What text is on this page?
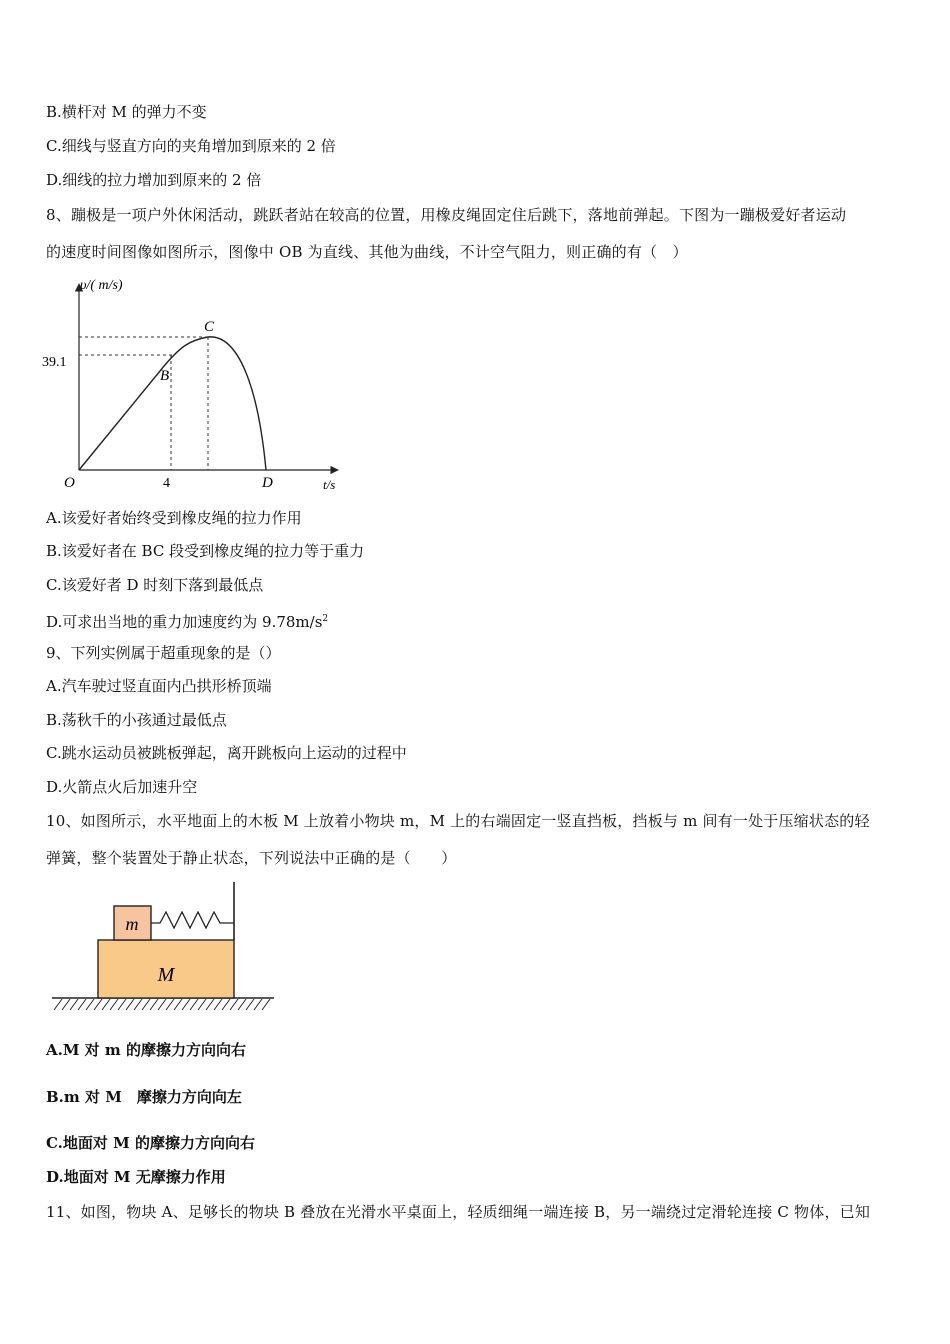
B.横杆对 M 的弹力不变
C.细线与竖直方向的夹角增加到原来的 2 倍
D.细线的拉力增加到原来的 2 倍
8、蹦极是一项户外休闲活动，跳跃者站在较高的位置，用橡皮绳固定住后跳下，落地前弹起。下图为一蹦极爱好者运动
的速度时间图像如图所示，图像中 OB 为直线、其他为曲线，不计空气阻力，则正确的有（　）
υ/( m/s)
39.1
4	t/s
O
B
C
D
A.该爱好者始终受到橡皮绳的拉力作用
B.该爱好者在 BC 段受到橡皮绳的拉力等于重力
C.该爱好者 D 时刻下落到最低点
D.可求出当地的重力加速度约为 $9.78m/s^2$
9、下列实例属于超重现象的是（）
A.汽车驶过竖直面内凸拱形桥顶端
B.荡秋千的小孩通过最低点
C.跳水运动员被跳板弹起，离开跳板向上运动的过程中
D.火箭点火后加速升空
10、如图所示，水平地面上的木板 M 上放着小物块 m，M 上的右端固定一竖直挡板，挡板与 m 间有一处于压缩状态的轻
弹簧，整个装置处于静止状态，下列说法中正确的是（　　）
M
m
A.M 对 m 的摩擦力方向向右
B.m 对 M　摩擦力方向向左
C.地面对 M 的摩擦力方向向右
D.地面对 M 无摩擦力作用
11、如图，物块 A、足够长的物块 B 叠放在光滑水平桌面上，轻质细绳一端连接 B，另一端绕过定滑轮连接 C 物体，已知
